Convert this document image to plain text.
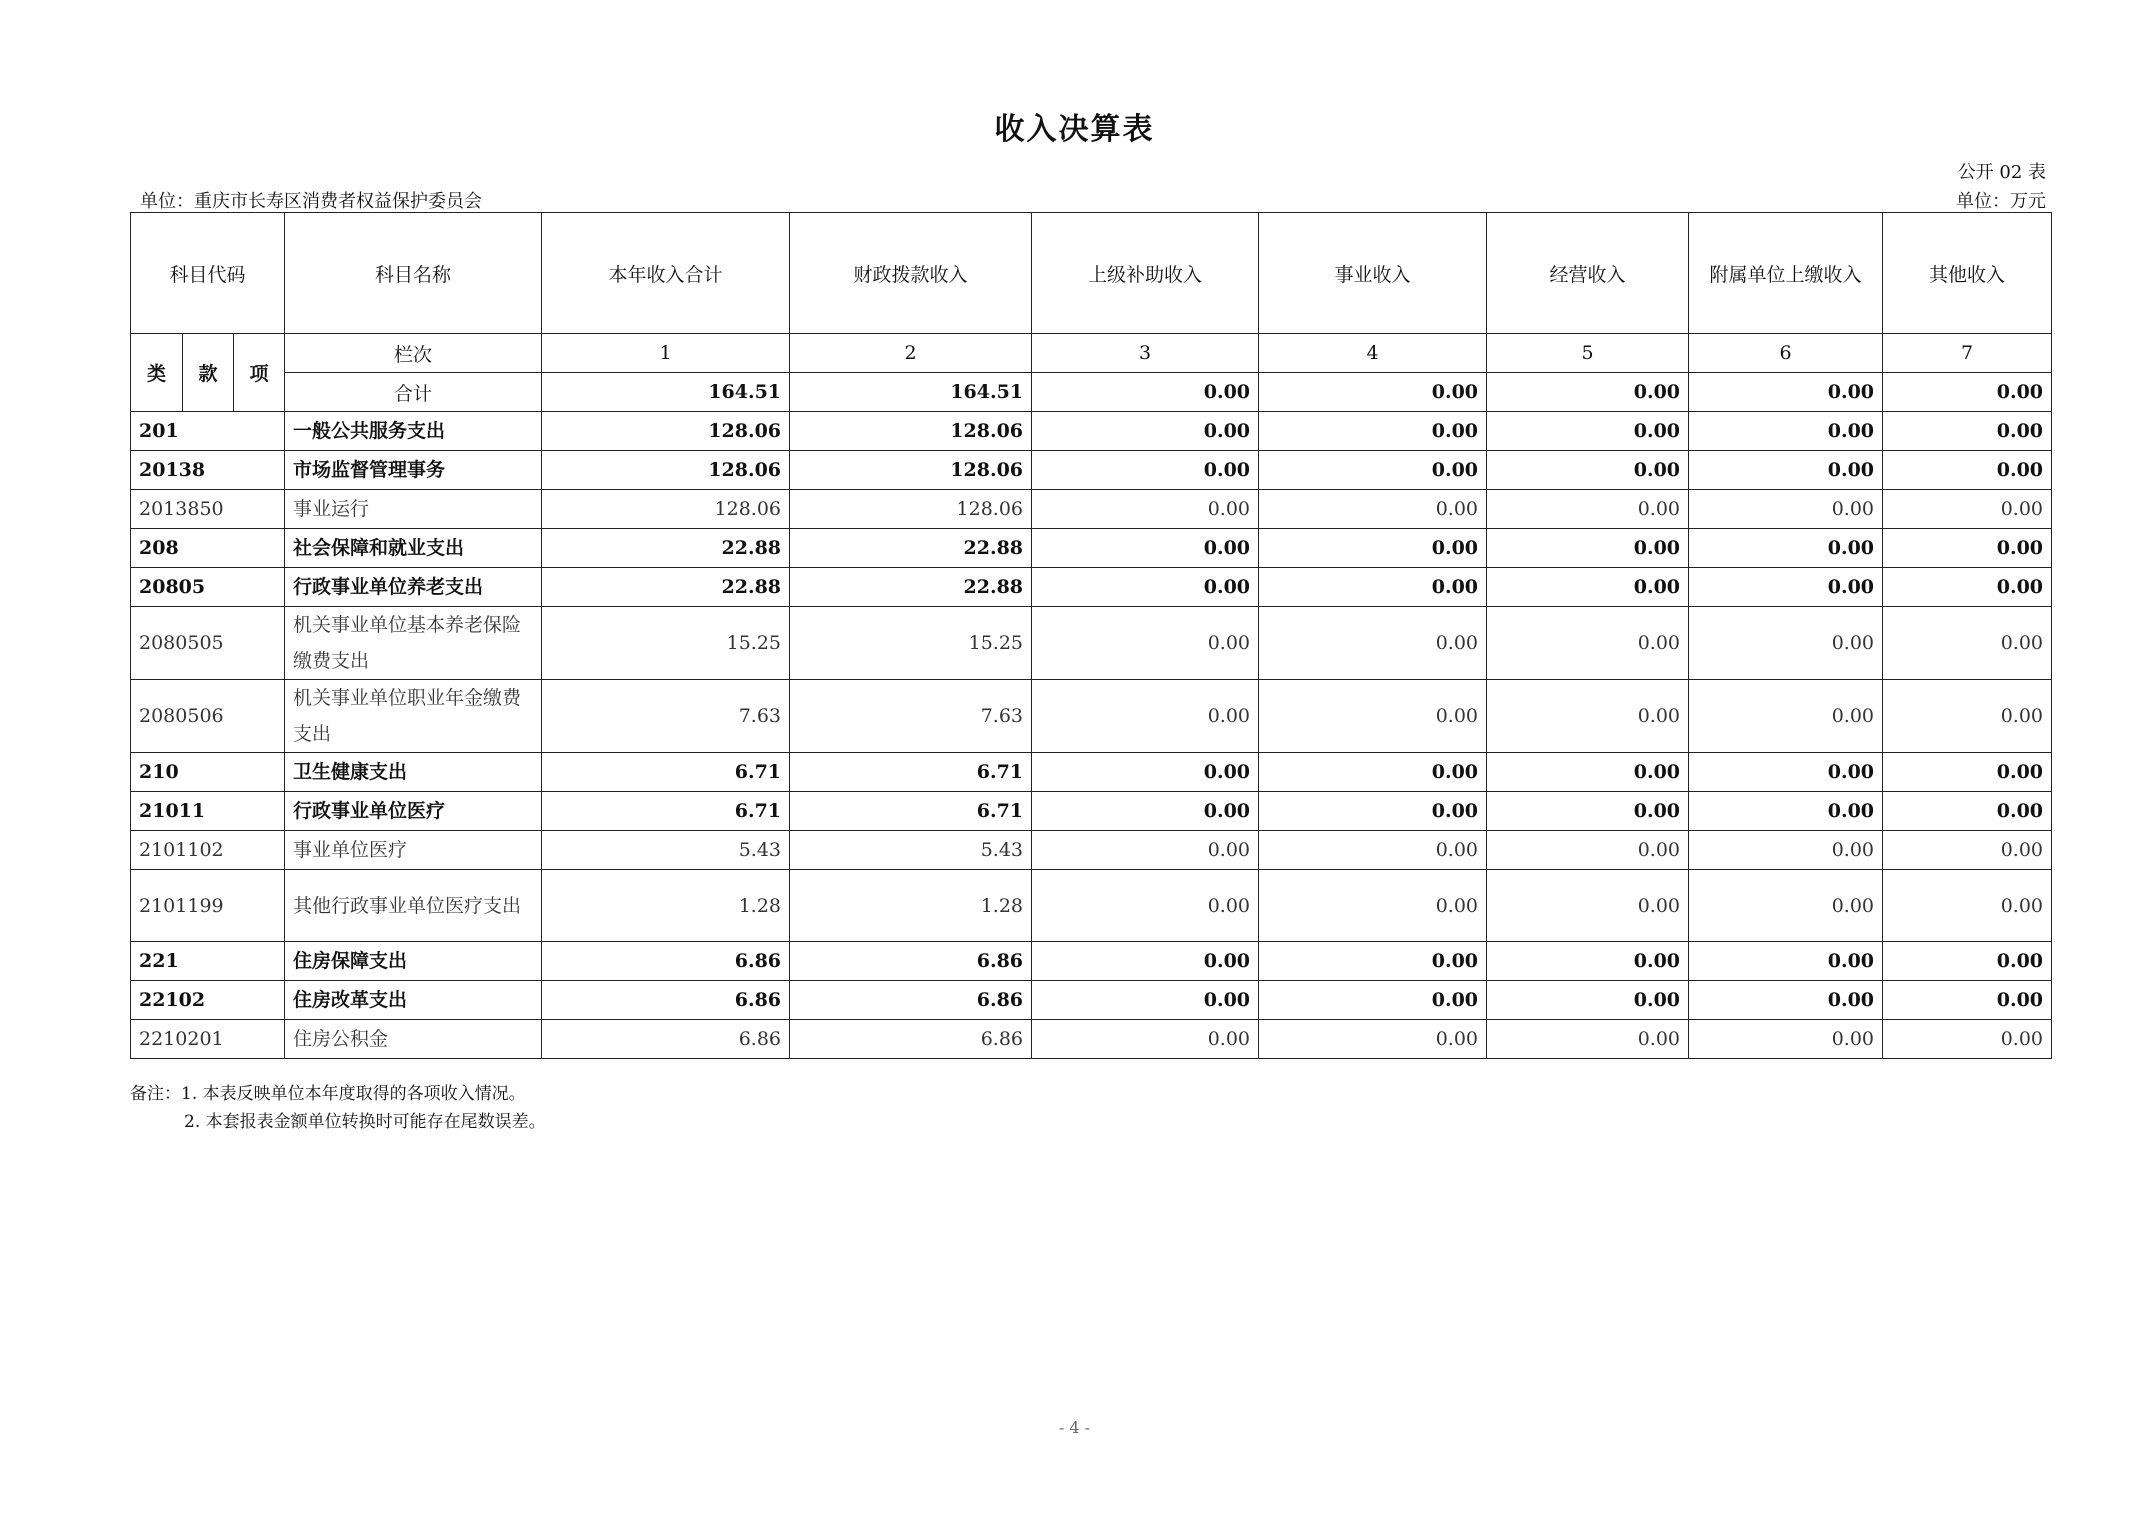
收入决算表
公开 02 表
单位：重庆市长寿区消费者权益保护委员会	单位：万元
科目代码			科目名称	本年收入合计	财政拨款收入	上级补助收入	事业收入	经营收入	附属单位上缴收入	其他收入
类	款	项	栏次	1	2	3	4	5	6	7
			合计	164.51	164.51	0.00	0.00	0.00	0.00	0.00
201			一般公共服务支出	128.06	128.06	0.00	0.00	0.00	0.00	0.00
20138			市场监督管理事务	128.06	128.06	0.00	0.00	0.00	0.00	0.00
2013850			事业运行	128.06	128.06	0.00	0.00	0.00	0.00	0.00
208			社会保障和就业支出	22.88	22.88	0.00	0.00	0.00	0.00	0.00
20805			行政事业单位养老支出	22.88	22.88	0.00	0.00	0.00	0.00	0.00
2080505			机关事业单位基本养老保险缴费支出	15.25	15.25	0.00	0.00	0.00	0.00	0.00
2080506			机关事业单位职业年金缴费支出	7.63	7.63	0.00	0.00	0.00	0.00	0.00
210			卫生健康支出	6.71	6.71	0.00	0.00	0.00	0.00	0.00
21011			行政事业单位医疗	6.71	6.71	0.00	0.00	0.00	0.00	0.00
2101102			事业单位医疗	5.43	5.43	0.00	0.00	0.00	0.00	0.00
2101199			其他行政事业单位医疗支出	1.28	1.28	0.00	0.00	0.00	0.00	0.00
221			住房保障支出	6.86	6.86	0.00	0.00	0.00	0.00	0.00
22102			住房改革支出	6.86	6.86	0.00	0.00	0.00	0.00	0.00
2210201			住房公积金	6.86	6.86	0.00	0.00	0.00	0.00	0.00
备注：1. 本表反映单位本年度取得的各项收入情况。
2. 本套报表金额单位转换时可能存在尾数误差。
- 4 -
